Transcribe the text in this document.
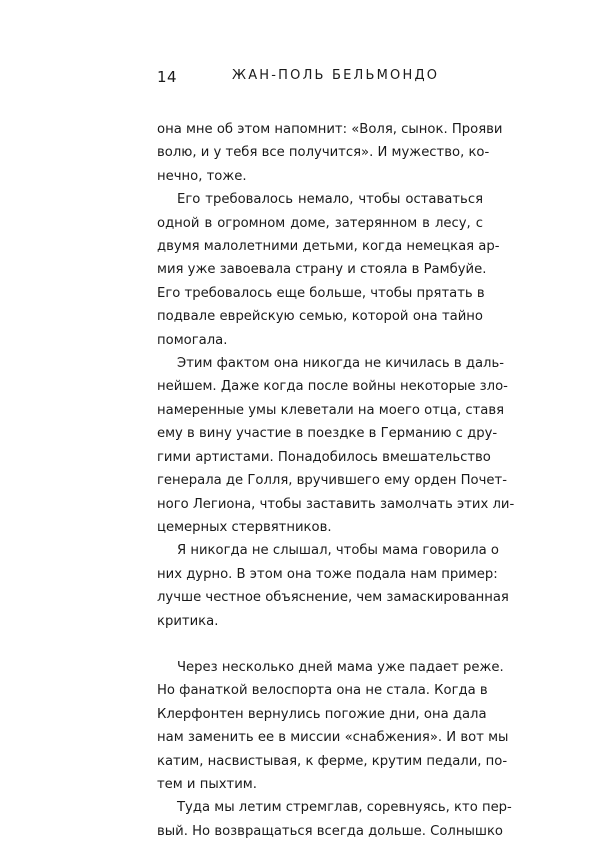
14	ЖАН-ПОЛЬ БЕЛЬМОНДО
она мне об этом напомнит: «Воля, сынок. Прояви
волю, и у тебя все получится». И мужество, ко-
нечно, тоже.
Его требовалось немало, чтобы оставаться
одной в огромном доме, затерянном в лесу, с
двумя малолетними детьми, когда немецкая ар-
мия уже завоевала страну и стояла в Рамбуйе.
Его требовалось еще больше, чтобы прятать в
подвале еврейскую семью, которой она тайно
помогала.
Этим фактом она никогда не кичилась в даль-
нейшем. Даже когда после войны некоторые зло-
намеренные умы клеветали на моего отца, ставя
ему в вину участие в поездке в Германию с дру-
гими артистами. Понадобилось вмешательство
генерала де Голля, вручившего ему орден Почет-
ного Легиона, чтобы заставить замолчать этих ли-
цемерных стервятников.
Я никогда не слышал, чтобы мама говорила о
них дурно. В этом она тоже подала нам пример:
лучше честное объяснение, чем замаскированная
критика.
Через несколько дней мама уже падает реже.
Но фанаткой велоспорта она не стала. Когда в
Клерфонтен вернулись погожие дни, она дала
нам заменить ее в миссии «снабжения». И вот мы
катим, насвистывая, к ферме, крутим педали, по-
тем и пыхтим.
Туда мы летим стремглав, соревнуясь, кто пер-
вый. Но возвращаться всегда дольше. Солнышко
